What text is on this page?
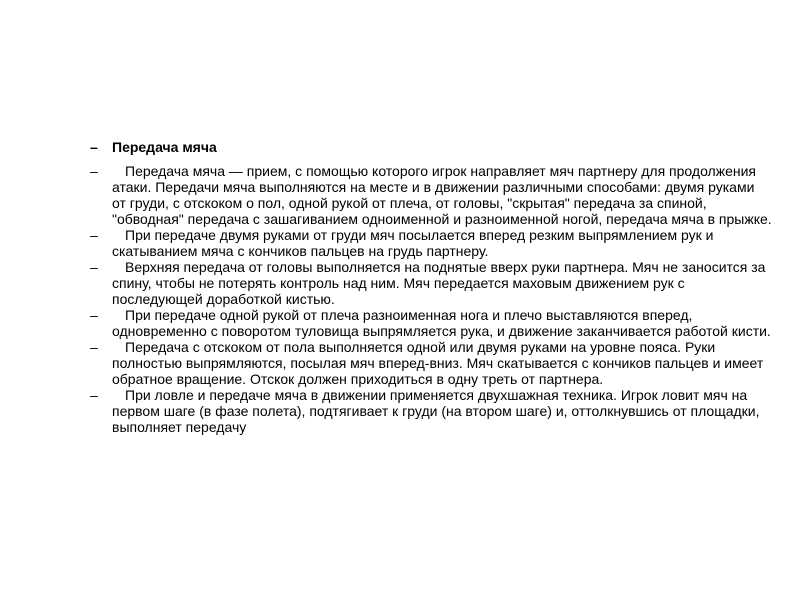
– Передача мяча
–	Передача мяча — прием, с помощью которого игрок направляет мяч партнеру для продолжения атаки. Передачи мяча выполняются на месте и в движении различными способами: двумя руками от груди, с отскоком о пол, одной рукой от плеча, от головы, "скрытая" передача за спиной, "обводная" передача с зашагиванием одноименной и разноименной ногой, передача мяча в прыжке.
–	При передаче двумя руками от груди мяч посылается вперед резким выпрямлением рук и скатыванием мяча с кончиков пальцев на грудь партнеру.
–	Верхняя передача от головы выполняется на поднятые вверх руки партнера. Мяч не заносится за спину, чтобы не потерять контроль над ним. Мяч передается маховым движением рук с последующей доработкой кистью.
–	При передаче одной рукой от плеча разноименная нога и плечо выставляются вперед, одновременно с поворотом туловища выпрямляется рука, и движение заканчивается работой кисти.
–	Передача с отскоком от пола выполняется одной или двумя руками на уровне пояса. Руки полностью выпрямляются, посылая мяч вперед-вниз. Мяч скатывается с кончиков пальцев и имеет обратное вращение. Отскок должен приходиться в одну треть от партнера.
–	При ловле и передаче мяча в движении применяется двухшажная техника. Игрок ловит мяч на первом шаге (в фазе полета), подтягивает к груди (на втором шаге) и, оттолкнувшись от площадки, выполняет передачу
